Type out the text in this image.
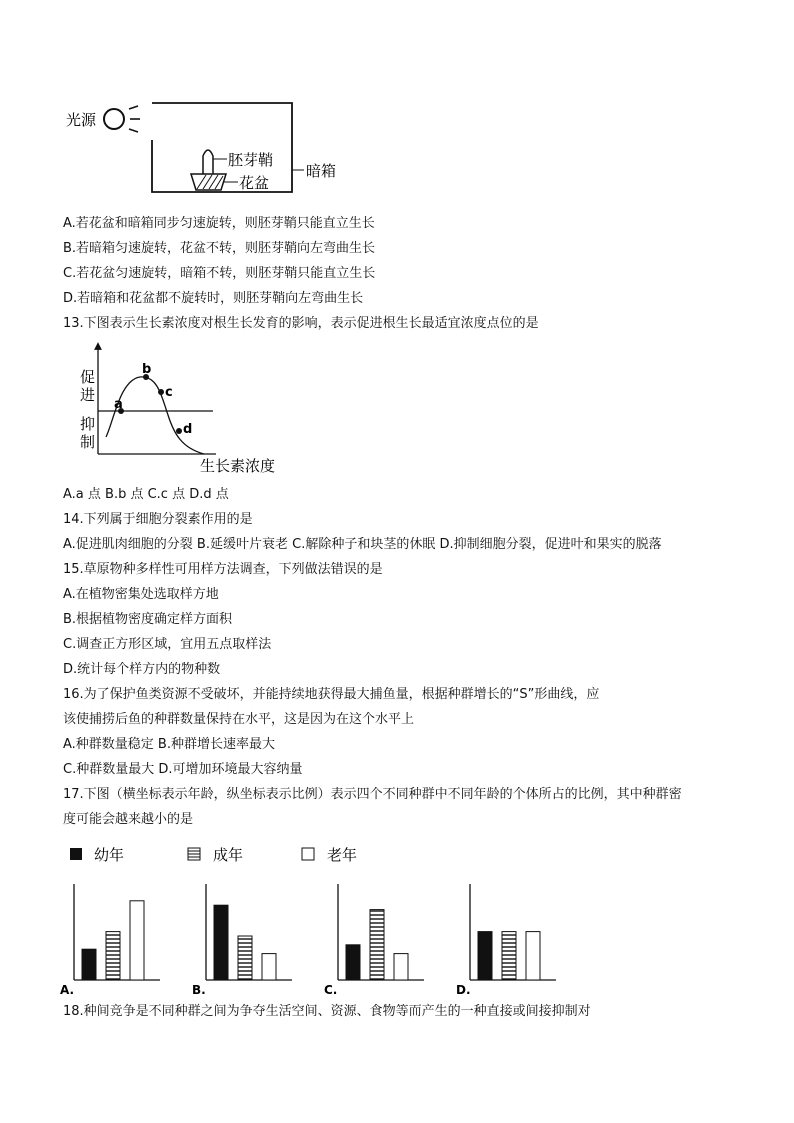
光源
胚芽鞘
花盆
暗箱
A.若花盆和暗箱同步匀速旋转，则胚芽鞘只能直立生长
B.若暗箱匀速旋转，花盆不转，则胚芽鞘向左弯曲生长
C.若花盆匀速旋转，暗箱不转，则胚芽鞘只能直立生长
D.若暗箱和花盆都不旋转时，则胚芽鞘向左弯曲生长
13.下图表示生长素浓度对根生长发育的影响，表示促进根生长最适宜浓度点位的是
促
进
抑
制
a
b
c
d
生长素浓度
A.a 点 B.b 点 C.c 点 D.d 点
14.下列属于细胞分裂素作用的是
A.促进肌肉细胞的分裂 B.延缓叶片衰老 C.解除种子和块茎的休眠 D.抑制细胞分裂，促进叶和果实的脱落
15.草原物种多样性可用样方法调查，下列做法错误的是
A.在植物密集处选取样方地
B.根据植物密度确定样方面积
C.调查正方形区域，宜用五点取样法
D.统计每个样方内的物种数
16.为了保护鱼类资源不受破坏，并能持续地获得最大捕鱼量，根据种群增长的“S”形曲线，应
该使捕捞后鱼的种群数量保持在水平，这是因为在这个水平上
A.种群数量稳定 B.种群增长速率最大
C.种群数量最大 D.可增加环境最大容纳量
17.下图（横坐标表示年龄，纵坐标表示比例）表示四个不同种群中不同年龄的个体所占的比例，其中种群密
度可能会越来越小的是
幼年	成年	老年
A.	B.	C.	D.
18.种间竞争是不同种群之间为争夺生活空间、资源、食物等而产生的一种直接或间接抑制对
